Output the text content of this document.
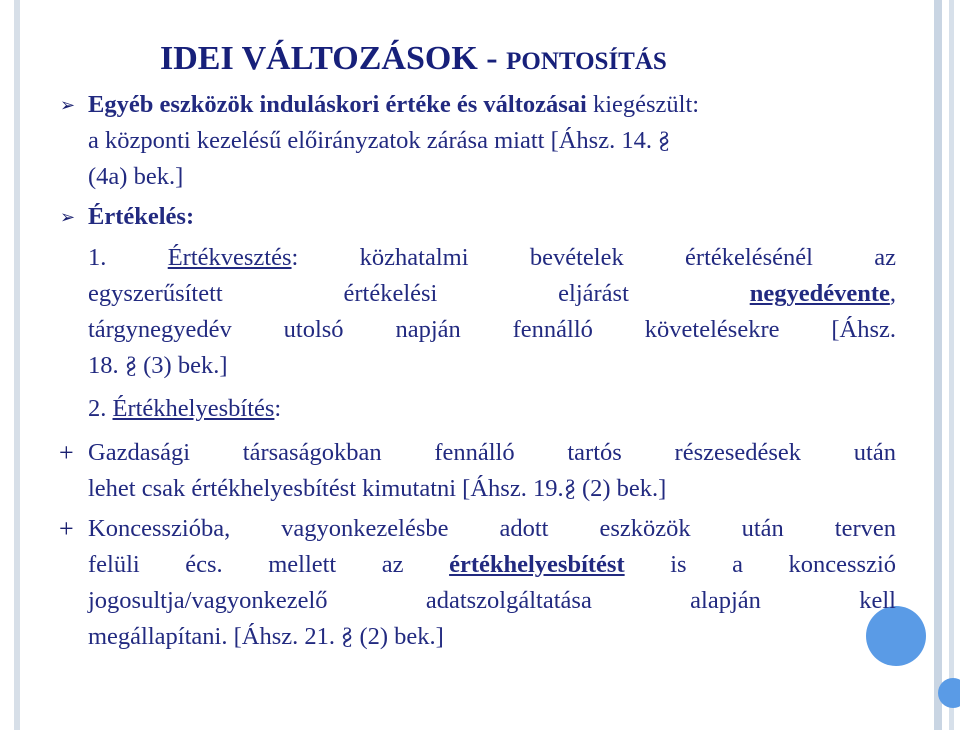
IDEI VÁLTOZÁSOK - PONTOSÍTÁS
➢ Egyéb eszközök induláskori értéke és változásai kiegészült:
a központi kezelésű előirányzatok zárása miatt [Áhsz. 14. §
(4a) bek.]
➢ Értékelés:
1. Értékvesztés: közhatalmi bevételek értékelésénél az
egyszerűsített értékelési eljárást negyedévente,
tárgynegyedév utolsó napján fennálló követelésekre [Áhsz.
18. § (3) bek.]
2. Értékhelyesbítés:
+ Gazdasági társaságokban fennálló tartós részesedések után
lehet csak értékhelyesbítést kimutatni [Áhsz. 19.§ (2) bek.]
+ Koncesszióba, vagyonkezelésbe adott eszközök után terven
felüli écs. mellett az értékhelyesbítést is a koncesszió
jogosultja/vagyonkezelő adatszolgáltatása alapján kell
megállapítani. [Áhsz. 21. § (2) bek.]
